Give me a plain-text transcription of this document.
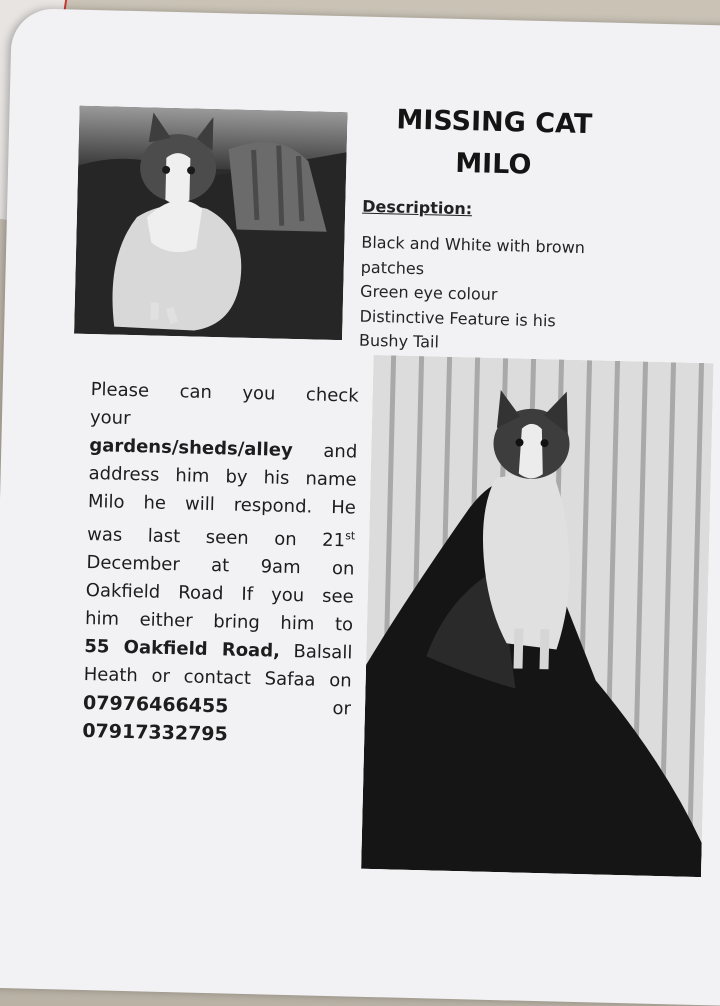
MISSING CAT
MILO
Description:
Black and White with brown
patches
Green eye colour
Distinctive Feature is his
Bushy Tail
Please can you check
your
gardens/sheds/alley and
address him by his name
Milo he will respond. He
was last seen on 21st
December at 9am on
Oakfield Road If you see
him either bring him to
55 Oakfield Road, Balsall
Heath or contact Safaa on
07976466455	or
07917332795
